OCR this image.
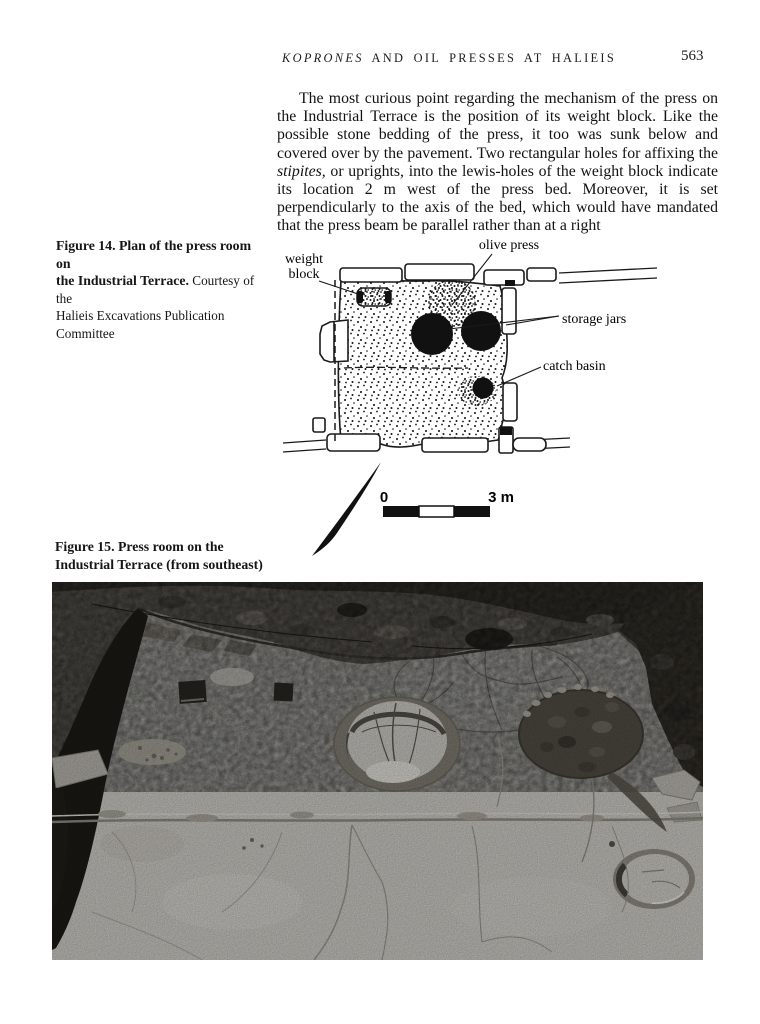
KOPRONES AND OIL PRESSES AT HALIEIS	563
The most curious point regarding the mechanism of the press on the Industrial Terrace is the position of its weight block. Like the possible stone bedding of the press, it too was sunk below and covered over by the pavement. Two rectangular holes for affixing the stipites, or uprights, into the lewis-holes of the weight block indicate its location 2 m west of the press bed. Moreover, it is set perpendicularly to the axis of the bed, which would have mandated that the press beam be parallel rather than at a right
Figure 14. Plan of the press room on
the Industrial Terrace. Courtesy of the
Halieis Excavations Publication Committee
weight
block
olive press
storage jars
catch basin
0	3 m
Figure 15. Press room on the
Industrial Terrace (from southeast)
